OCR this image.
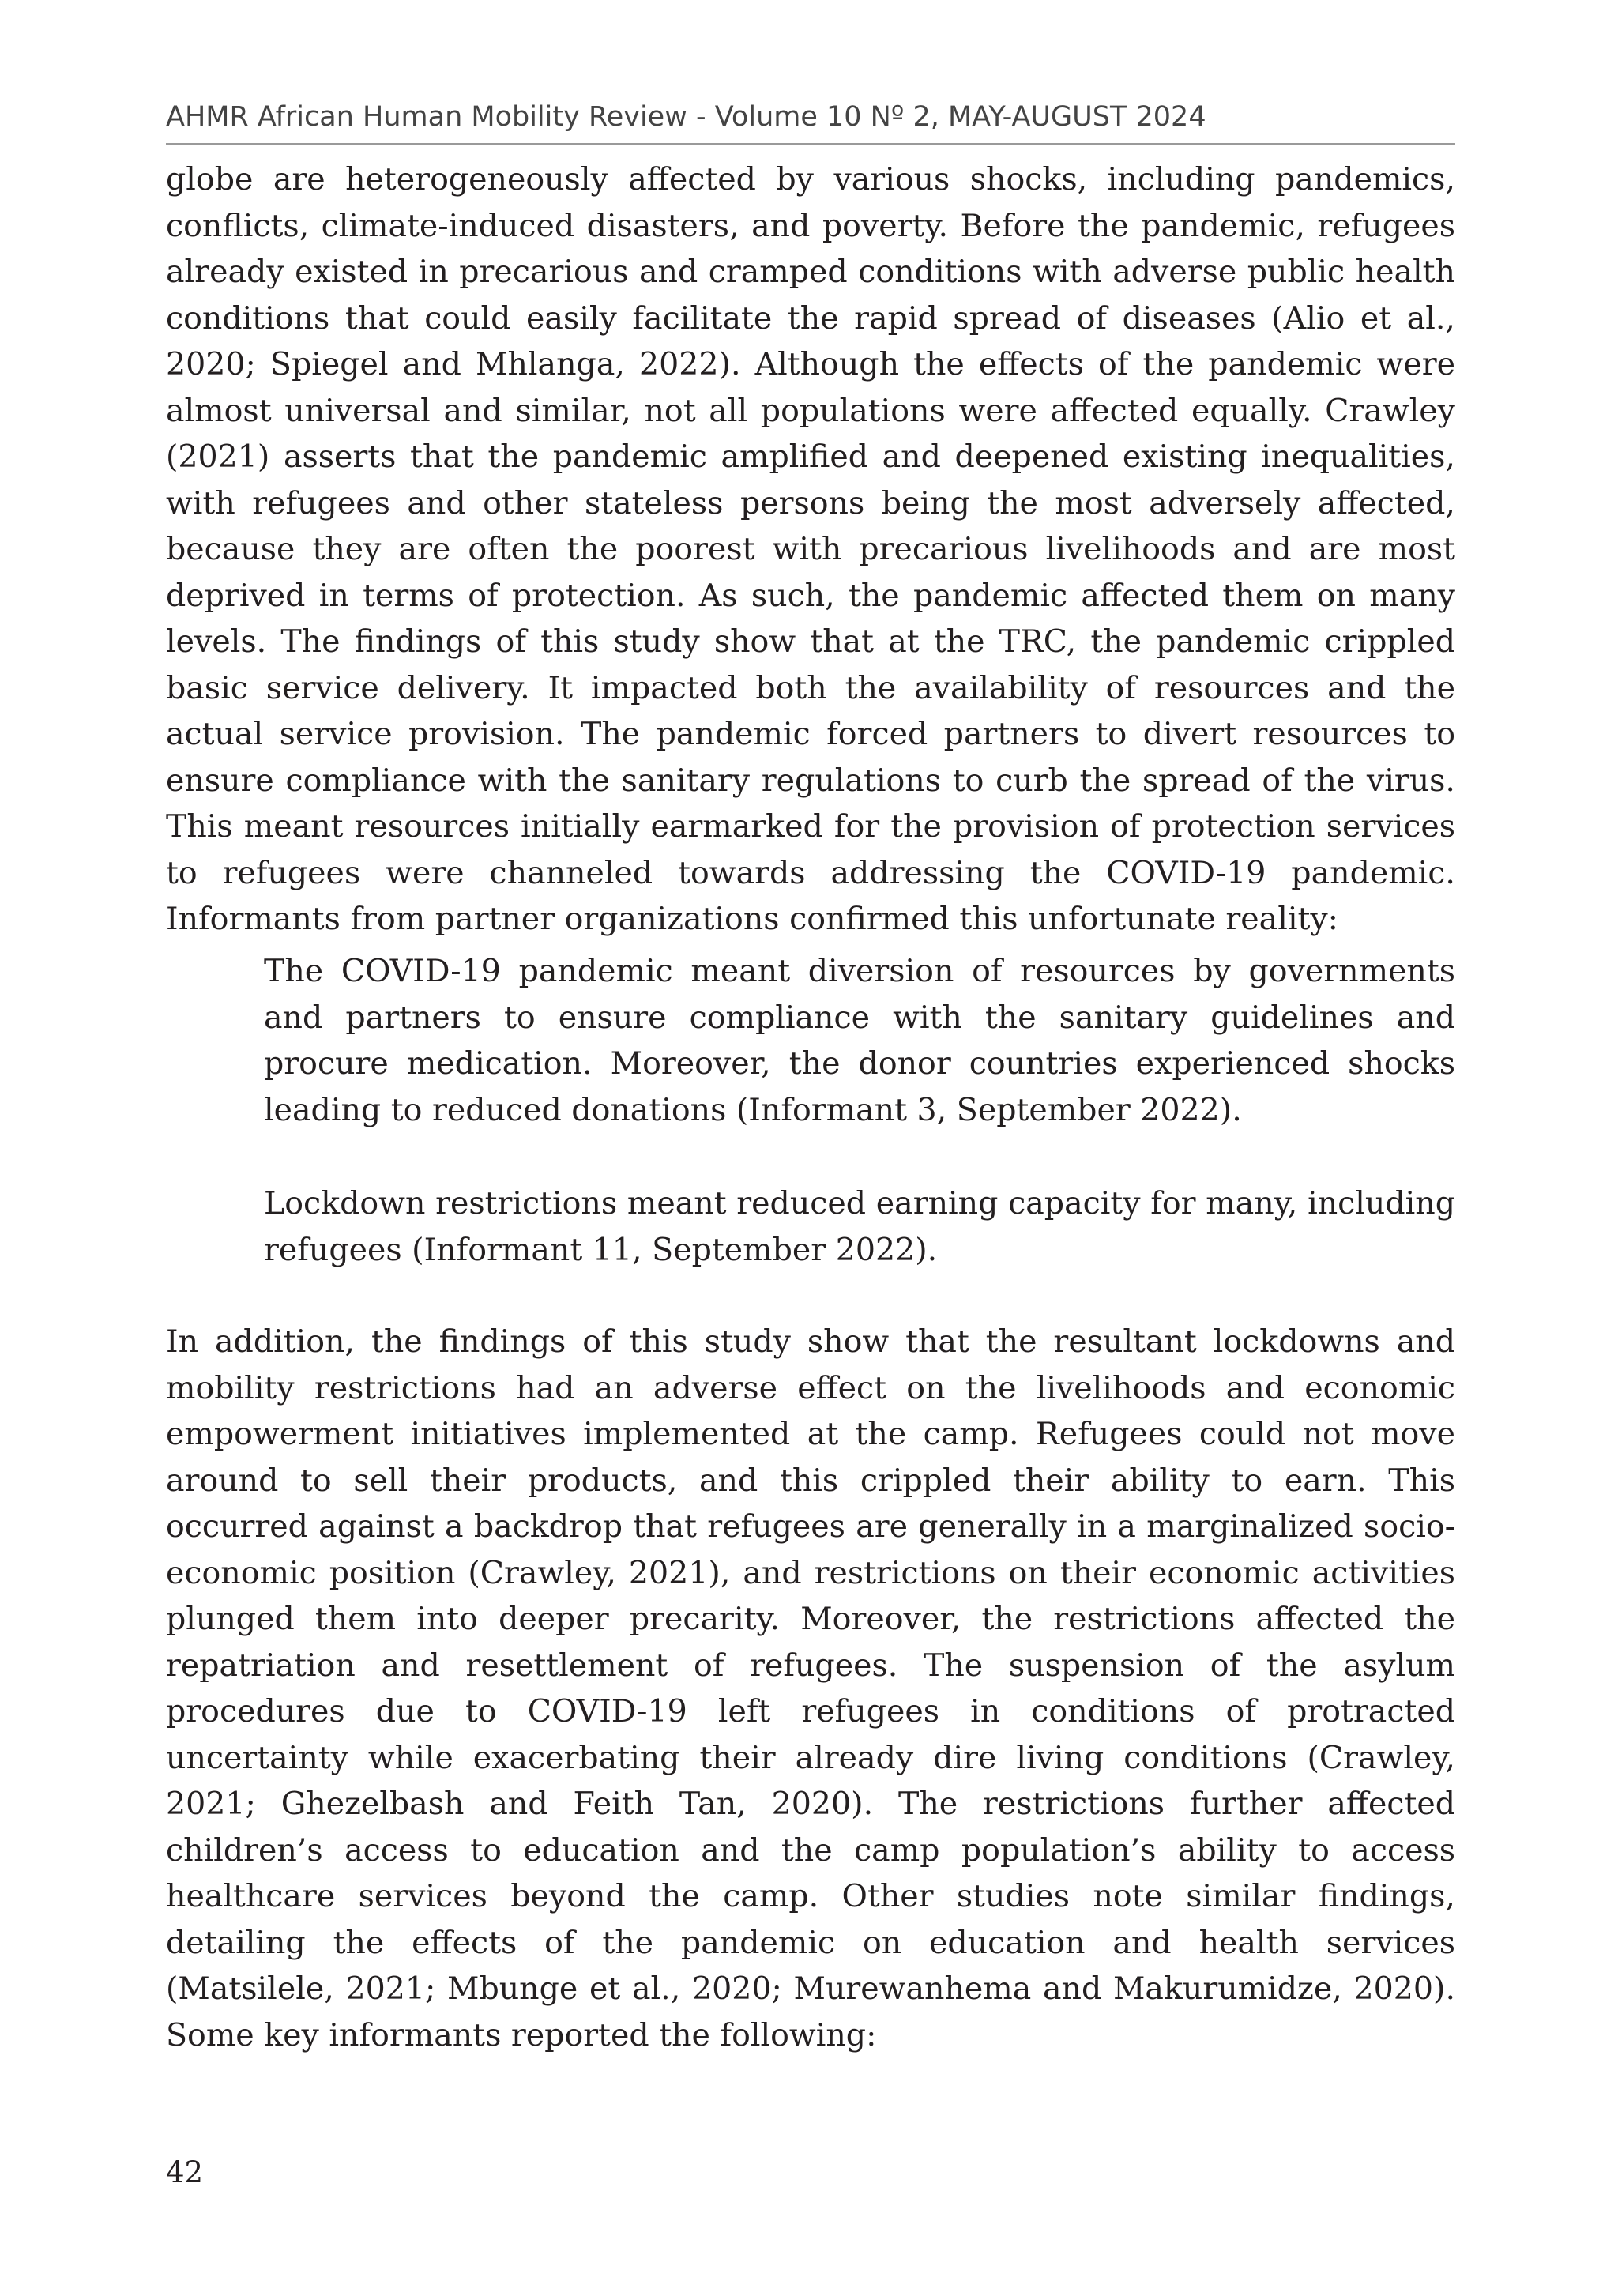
AHMR African Human Mobility Review - Volume 10 Nº 2, MAY-AUGUST 2024

globe are heterogeneously affected by various shocks, including pandemics, conflicts, climate-induced disasters, and poverty. Before the pandemic, refugees already existed in precarious and cramped conditions with adverse public health conditions that could easily facilitate the rapid spread of diseases (Alio et al., 2020; Spiegel and Mhlanga, 2022). Although the effects of the pandemic were almost universal and similar, not all populations were affected equally. Crawley (2021) asserts that the pandemic amplified and deepened existing inequalities, with refugees and other stateless persons being the most adversely affected, because they are often the poorest with precarious livelihoods and are most deprived in terms of protection. As such, the pandemic affected them on many levels. The findings of this study show that at the TRC, the pandemic crippled basic service delivery. It impacted both the availability of resources and the actual service provision. The pandemic forced partners to divert resources to ensure compliance with the sanitary regulations to curb the spread of the virus. This meant resources initially earmarked for the provision of protection services to refugees were channeled towards addressing the COVID-19 pandemic. Informants from partner organizations confirmed this unfortunate reality:

The COVID-19 pandemic meant diversion of resources by governments and partners to ensure compliance with the sanitary guidelines and procure medication. Moreover, the donor countries experienced shocks leading to reduced donations (Informant 3, September 2022).

Lockdown restrictions meant reduced earning capacity for many, including refugees (Informant 11, September 2022).

In addition, the findings of this study show that the resultant lockdowns and mobility restrictions had an adverse effect on the livelihoods and economic empowerment initiatives implemented at the camp. Refugees could not move around to sell their products, and this crippled their ability to earn. This occurred against a backdrop that refugees are generally in a marginalized socio-economic position (Crawley, 2021), and restrictions on their economic activities plunged them into deeper precarity. Moreover, the restrictions affected the repatriation and resettlement of refugees. The suspension of the asylum procedures due to COVID-19 left refugees in conditions of protracted uncertainty while exacerbating their already dire living conditions (Crawley, 2021; Ghezelbash and Feith Tan, 2020). The restrictions further affected children’s access to education and the camp population’s ability to access healthcare services beyond the camp. Other studies note similar findings, detailing the effects of the pandemic on education and health services (Matsilele, 2021; Mbunge et al., 2020; Murewanhema and Makurumidze, 2020). Some key informants reported the following:

42
